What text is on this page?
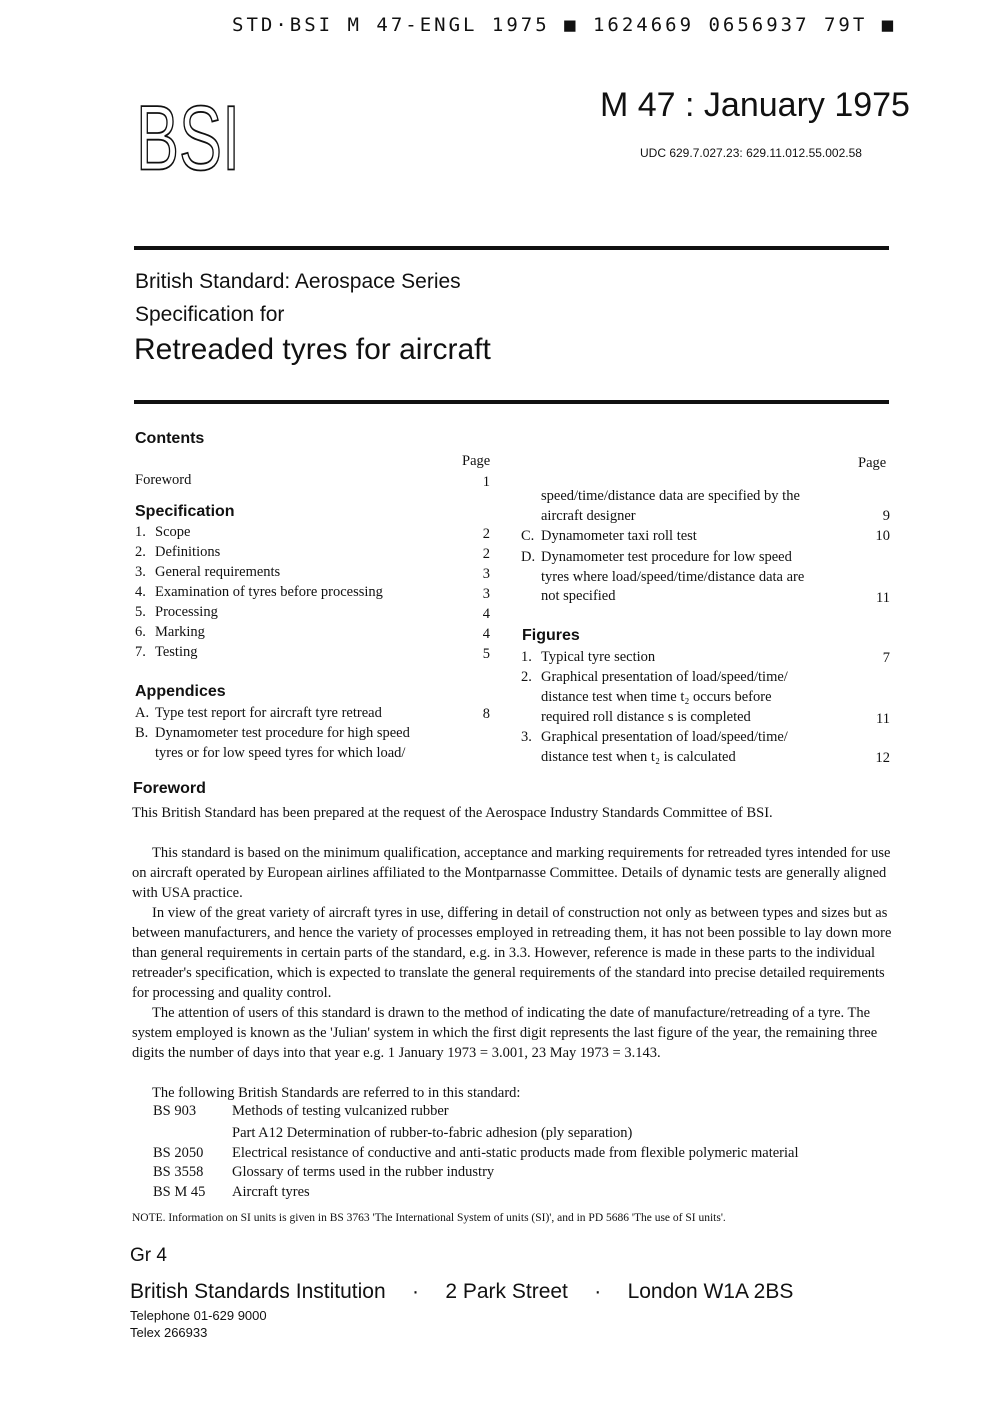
STD·BSI M 47-ENGL 1975 ■ 1624669 0656937 79T ■
BSI	M 47 : January 1975
UDC 629.7.027.23: 629.11.012.55.002.58
British Standard: Aerospace Series
Specification for
Retreaded tyres for aircraft
Contents
Page
Foreword	1
Specification
1. Scope	2
2. Definitions	2
3. General requirements	3
4. Examination of tyres before processing	3
5. Processing	4
6. Marking	4
7. Testing	5
Appendices
A. Type test report for aircraft tyre retread	8
B. Dynamometer test procedure for high speed
tyres or for low speed tyres for which load/
Page
speed/time/distance data are specified by the
aircraft designer	9
C. Dynamometer taxi roll test	10
D. Dynamometer test procedure for low speed
tyres where load/speed/time/distance data are
not specified	11
Figures
1. Typical tyre section	7
2. Graphical presentation of load/speed/time/
distance test when time t₂ occurs before
required roll distance s is completed	11
3. Graphical presentation of load/speed/time/
distance test when t₂ is calculated	12
Foreword
This British Standard has been prepared at the request of the Aerospace Industry Standards Committee of BSI.
This standard is based on the minimum qualification, acceptance and marking requirements for retreaded tyres intended for use on aircraft operated by European airlines affiliated to the Montparnasse Committee. Details of dynamic tests are generally aligned with USA practice.
In view of the great variety of aircraft tyres in use, differing in detail of construction not only as between types and sizes but as between manufacturers, and hence the variety of processes employed in retreading them, it has not been possible to lay down more than general requirements in certain parts of the standard, e.g. in 3.3. However, reference is made in these parts to the individual retreader's specification, which is expected to translate the general requirements of the standard into precise detailed requirements for processing and quality control.
The attention of users of this standard is drawn to the method of indicating the date of manufacture/retreading of a tyre. The system employed is known as the 'Julian' system in which the first digit represents the last figure of the year, the remaining three digits the number of days into that year e.g. 1 January 1973 = 3.001, 23 May 1973 = 3.143.
The following British Standards are referred to in this standard:
BS 903 Methods of testing vulcanized rubber
Part A12 Determination of rubber-to-fabric adhesion (ply separation)
BS 2050 Electrical resistance of conductive and anti-static products made from flexible polymeric material
BS 3558 Glossary of terms used in the rubber industry
BS M 45 Aircraft tyres
NOTE. Information on SI units is given in BS 3763 'The International System of units (SI)', and in PD 5686 'The use of SI units'.
Gr 4
British Standards Institution · 2 Park Street · London W1A 2BS
Telephone 01-629 9000
Telex 266933
